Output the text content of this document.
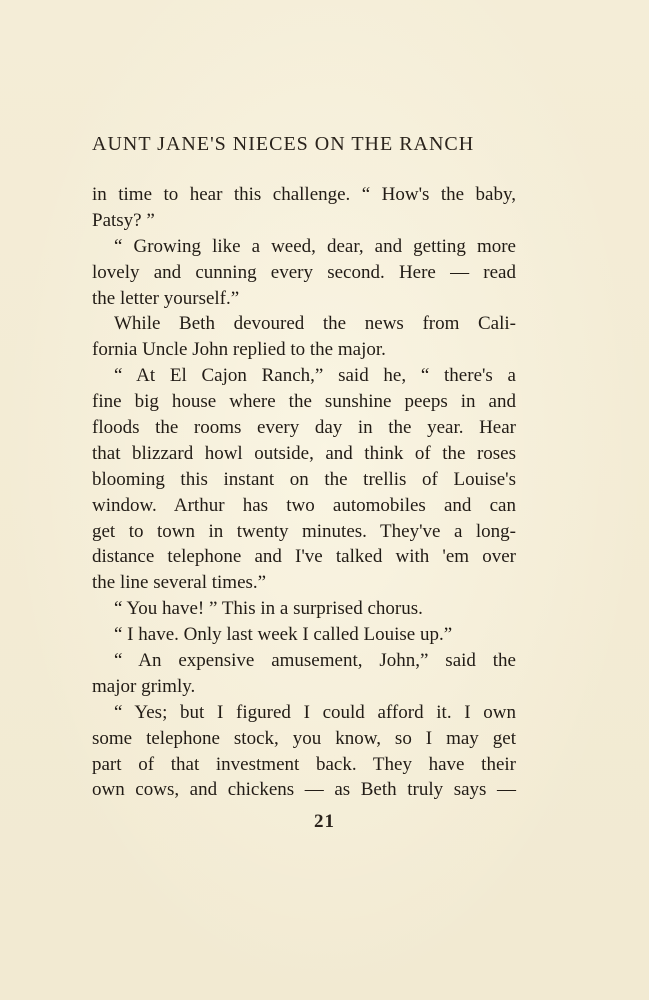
AUNT JANE'S NIECES ON THE RANCH
in time to hear this challenge. “ How's the baby,
Patsy? ”
“ Growing like a weed, dear, and getting more
lovely and cunning every second. Here — read
the letter yourself.”
While Beth devoured the news from Cali-
fornia Uncle John replied to the major.
“ At El Cajon Ranch,” said he, “ there's a
fine big house where the sunshine peeps in and
floods the rooms every day in the year. Hear
that blizzard howl outside, and think of the roses
blooming this instant on the trellis of Louise's
window. Arthur has two automobiles and can
get to town in twenty minutes. They've a long-
distance telephone and I've talked with 'em over
the line several times.”
“ You have! ” This in a surprised chorus.
“ I have. Only last week I called Louise up.”
“ An expensive amusement, John,” said the
major grimly.
“ Yes; but I figured I could afford it. I own
some telephone stock, you know, so I may get
part of that investment back. They have their
own cows, and chickens — as Beth truly says —
21
